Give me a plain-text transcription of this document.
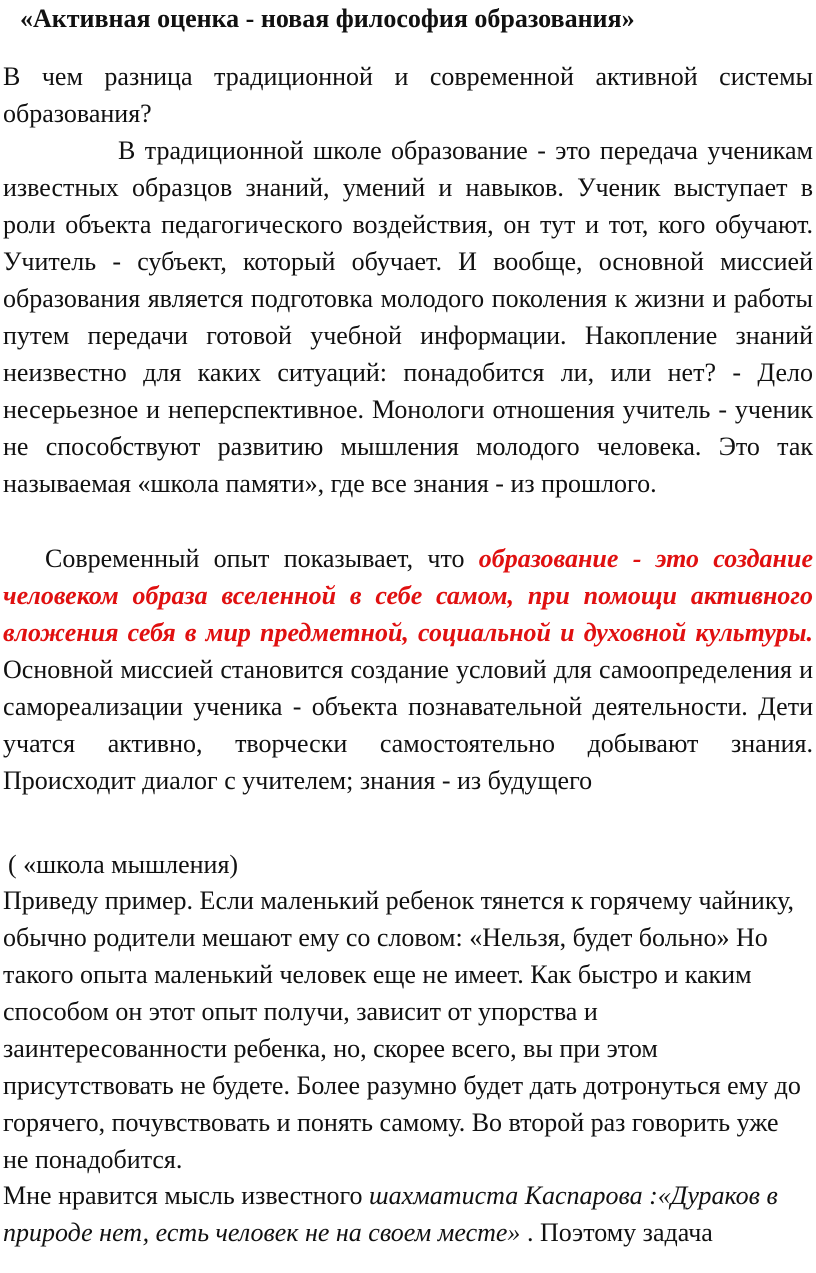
«Активная оценка - новая философия образования»
В чем разница традиционной и современной активной системы образования?
В традиционной школе образование - это передача ученикам известных образцов знаний, умений и навыков. Ученик выступает в роли объекта педагогического воздействия, он тут и тот, кого обучают. Учитель - субъект, который обучает. И вообще, основной миссией образования является подготовка молодого поколения к жизни и работы путем передачи готовой учебной информации. Накопление знаний неизвестно для каких ситуаций: понадобится ли, или нет? - Дело несерьезное и неперспективное. Монологи отношения учитель - ученик не способствуют развитию мышления молодого человека. Это так называемая «школа памяти», где все знания - из прошлого.
Современный опыт показывает, что образование - это создание человеком образа вселенной в себе самом, при помощи активного вложения себя в мир предметной, социальной и духовной культуры. Основной миссией становится создание условий для самоопределения и самореализации ученика - объекта познавательной деятельности. Дети учатся активно, творчески самостоятельно добывают знания. Происходит диалог с учителем; знания - из будущего
( «школа мышления)
Приведу пример. Если маленький ребенок тянется к горячему чайнику, обычно родители мешают ему со словом: «Нельзя, будет больно» Но такого опыта маленький человек еще не имеет. Как быстро и каким способом он этот опыт получи, зависит от упорства и заинтересованности ребенка, но, скорее всего, вы при этом присутствовать не будете. Более разумно будет дать дотронуться ему до горячего, почувствовать и понять самому. Во второй раз говорить уже не понадобится.
Мне нравится мысль известного шахматиста Каспарова :«Дураков в природе нет, есть человек не на своем месте» . Поэтому задача
